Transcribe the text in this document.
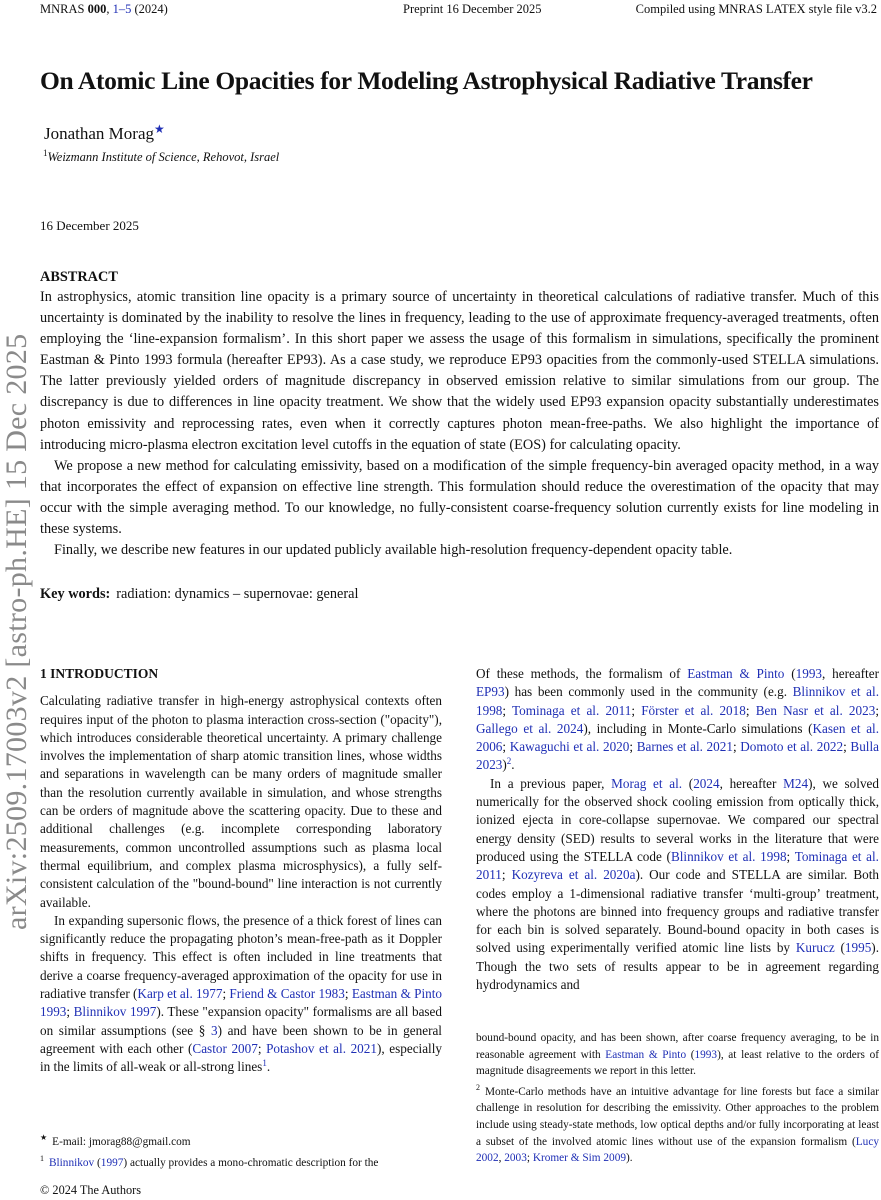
MNRAS 000, 1–5 (2024)	Preprint 16 December 2025	Compiled using MNRAS LATEX style file v3.2
arXiv:2509.17003v2 [astro-ph.HE] 15 Dec 2025
On Atomic Line Opacities for Modeling Astrophysical Radiative Transfer
Jonathan Morag★
$^1$Weizmann Institute of Science, Rehovot, Israel
16 December 2025
ABSTRACT

In astrophysics, atomic transition line opacity is a primary source of uncertainty in theoretical calculations of radiative transfer. Much of this uncertainty is dominated by the inability to resolve the lines in frequency, leading to the use of approximate frequency-averaged treatments, often employing the ‘line-expansion formalism’. In this short paper we assess the usage of this formalism in simulations, specifically the prominent Eastman & Pinto 1993 formula (hereafter EP93). As a case study, we reproduce EP93 opacities from the commonly-used STELLA simulations. The latter previously yielded orders of magnitude discrepancy in observed emission relative to similar simulations from our group. The discrepancy is due to differences in line opacity treatment. We show that the widely used EP93 expansion opacity substantially underestimates photon emissivity and reprocessing rates, even when it correctly captures photon mean-free-paths. We also highlight the importance of introducing micro-plasma electron excitation level cutoffs in the equation of state (EOS) for calculating opacity.

We propose a new method for calculating emissivity, based on a modification of the simple frequency-bin averaged opacity method, in a way that incorporates the effect of expansion on effective line strength. This formulation should reduce the overestimation of the opacity that may occur with the simple averaging method. To our knowledge, no fully-consistent coarse-frequency solution currently exists for line modeling in these systems.

Finally, we describe new features in our updated publicly available high-resolution frequency-dependent opacity table.

Key words: radiation: dynamics – supernovae: general
1 INTRODUCTION

Calculating radiative transfer in high-energy astrophysical contexts often requires input of the photon to plasma interaction cross-section ("opacity"), which introduces considerable theoretical uncertainty. A primary challenge involves the implementation of sharp atomic transition lines, whose widths and separations in wavelength can be many orders of magnitude smaller than the resolution currently available in simulation, and whose strengths can be orders of magnitude above the scattering opacity. Due to these and additional challenges (e.g. incomplete corresponding laboratory measurements, common uncontrolled assumptions such as plasma local thermal equilibrium, and complex plasma microsphysics), a fully self-consistent calculation of the "bound-bound" line interaction is not currently available.

In expanding supersonic flows, the presence of a thick forest of lines can significantly reduce the propagating photon’s mean-free-path as it Doppler shifts in frequency. This effect is often included in line treatments that derive a coarse frequency-averaged approximation of the opacity for use in radiative transfer (Karp et al. 1977; Friend & Castor 1983; Eastman & Pinto 1993; Blinnikov 1997). These "expansion opacity" formalisms are all based on similar assumptions (see § 3) and have been shown to be in general agreement with each other (Castor 2007; Potashov et al. 2021), especially in the limits of all-weak or all-strong lines$^1$.

Of these methods, the formalism of Eastman & Pinto (1993, hereafter EP93) has been commonly used in the community (e.g. Blinnikov et al. 1998; Tominaga et al. 2011; Förster et al. 2018; Ben Nasr et al. 2023; Gallego et al. 2024), including in Monte-Carlo simulations (Kasen et al. 2006; Kawaguchi et al. 2020; Barnes et al. 2021; Domoto et al. 2022; Bulla 2023)$^2$.

In a previous paper, Morag et al. (2024, hereafter M24), we solved numerically for the observed shock cooling emission from optically thick, ionized ejecta in core-collapse supernovae. We compared our spectral energy density (SED) results to several works in the literature that were produced using the STELLA code (Blinnikov et al. 1998; Tominaga et al. 2011; Kozyreva et al. 2020a). Our code and STELLA are similar. Both codes employ a 1-dimensional radiative transfer ‘multi-group’ treatment, where the photons are binned into frequency groups and radiative transfer for each bin is solved separately. Bound-bound opacity in both cases is solved using experimentally verified atomic line lists by Kurucz (1995). Though the two sets of results appear to be in agreement regarding hydrodynamics and

★ E-mail: jmorag88@gmail.com

$^1$ Blinnikov (1997) actually provides a mono-chromatic description for the

bound-bound opacity, and has been shown, after coarse frequency averaging, to be in reasonable agreement with Eastman & Pinto (1993), at least relative to the orders of magnitude disagreements we report in this letter.

$^2$ Monte-Carlo methods have an intuitive advantage for line forests but face a similar challenge in resolution for describing the emissivity. Other approaches to the problem include using steady-state methods, low optical depths and/or fully incorporating at least a subset of the involved atomic lines without use of the expansion formalism (Lucy 2002, 2003; Kromer & Sim 2009).

© 2024 The Authors
